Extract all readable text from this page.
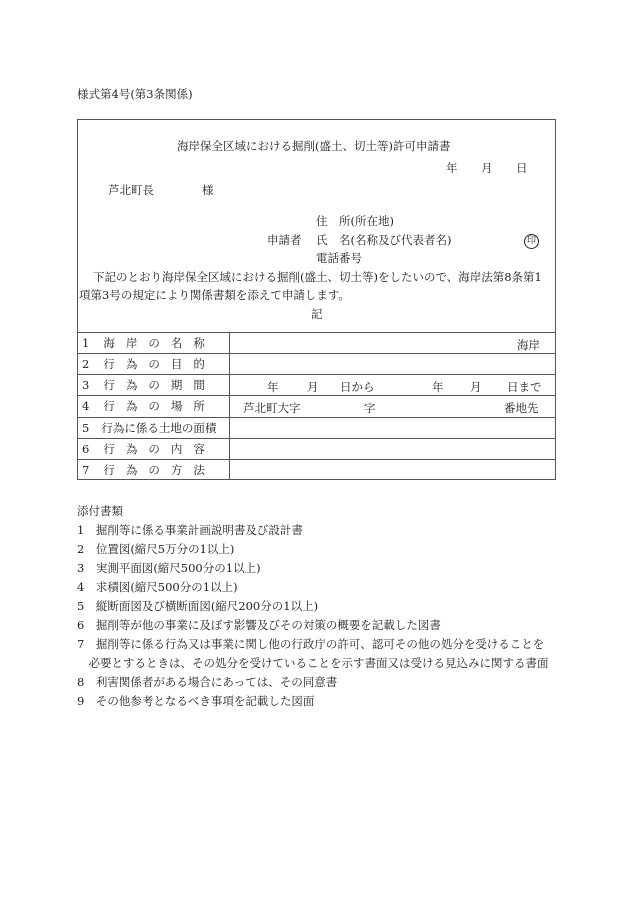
様式第4号(第3条関係)
海岸保全区域における掘削(盛土、切土等)許可申請書
年 月 日
芦北町長	様
住　所(所在地)
申請者 氏　名(名称及び代表者名)	印
電話番号
下記のとおり海岸保全区域における掘削(盛土、切土等)をしたいので、海岸法第8条第1
項第3号の規定により関係書類を添えて申請します。
記
1 海岸の名称	海岸
2 行為の目的
3 行為の期間	年 月 日から	年 月 日まで
4 行為の場所 芦北町大字	字	番地先
5 行為に係る土地の面積
6 行為の内容
7 行為の方法
添付書類
1　掘削等に係る事業計画説明書及び設計書
2　位置図(縮尺5万分の1以上)
3　実測平面図(縮尺500分の1以上)
4　求積図(縮尺500分の1以上)
5　縦断面図及び横断面図(縮尺200分の1以上)
6　掘削等が他の事業に及ぼす影響及びその対策の概要を記載した図書
7　掘削等に係る行為又は事業に関し他の行政庁の許可、認可その他の処分を受けることを
　必要とするときは、その処分を受けていることを示す書面又は受ける見込みに関する書面
8　利害関係者がある場合にあっては、その同意書
9　その他参考となるべき事項を記載した図面
